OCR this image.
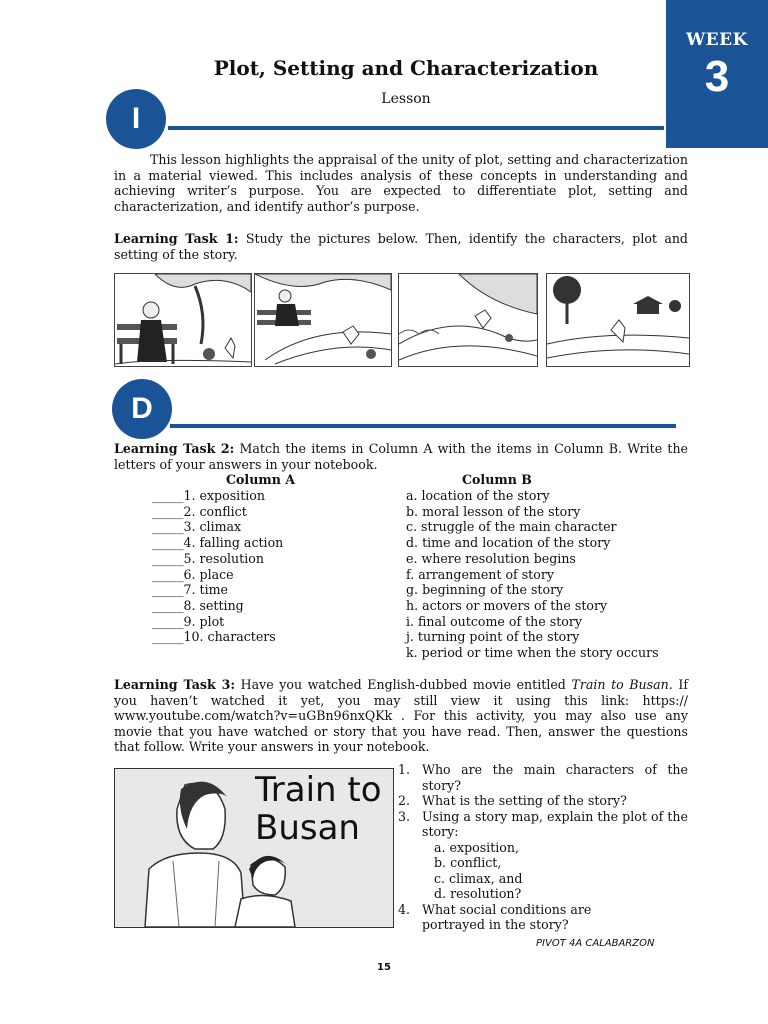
WEEK
3
Plot, Setting and Characterization
Lesson
I
This lesson highlights the appraisal of the unity of plot, setting and characterization in a material viewed. This includes analysis of these concepts in understanding and achieving writer’s purpose. You are expected to differentiate plot, setting and characterization, and identify author’s purpose.
Learning Task 1: Study the pictures below. Then, identify the characters, plot and setting of the story.
D
Learning Task 2: Match the items in Column A with the items in Column B. Write the letters of your answers in your notebook.
Column A	Column B
_____1. exposition
_____2. conflict
_____3. climax
_____4. falling action
_____5. resolution
_____6. place
_____7. time
_____8. setting
_____9. plot
_____10. characters
a. location of the story
b. moral lesson of the story
c. struggle of the main character
d. time and location of the story
e. where resolution begins
f. arrangement of story
g. beginning of the story
h. actors or movers of the story
i. final outcome of the story
j. turning point of the story
k. period or time when the story occurs
Learning Task 3: Have you watched English-dubbed movie entitled Train to Busan. If you haven’t watched it yet, you may still view it using this link: https:// www.youtube.com/watch?v=uGBn96nxQKk . For this activity, you may also use any movie that you have watched or story that you have read. Then, answer the questions that follow. Write your answers in your notebook.
Train to
Busan
1. Who are the main characters of the story?
2. What is the setting of the story?
3. Using a story map, explain the plot of the story:
a. exposition,
b. conflict,
c. climax, and
d. resolution?
4. What social conditions are
portrayed in the story?
PIVOT 4A CALABARZON
15
